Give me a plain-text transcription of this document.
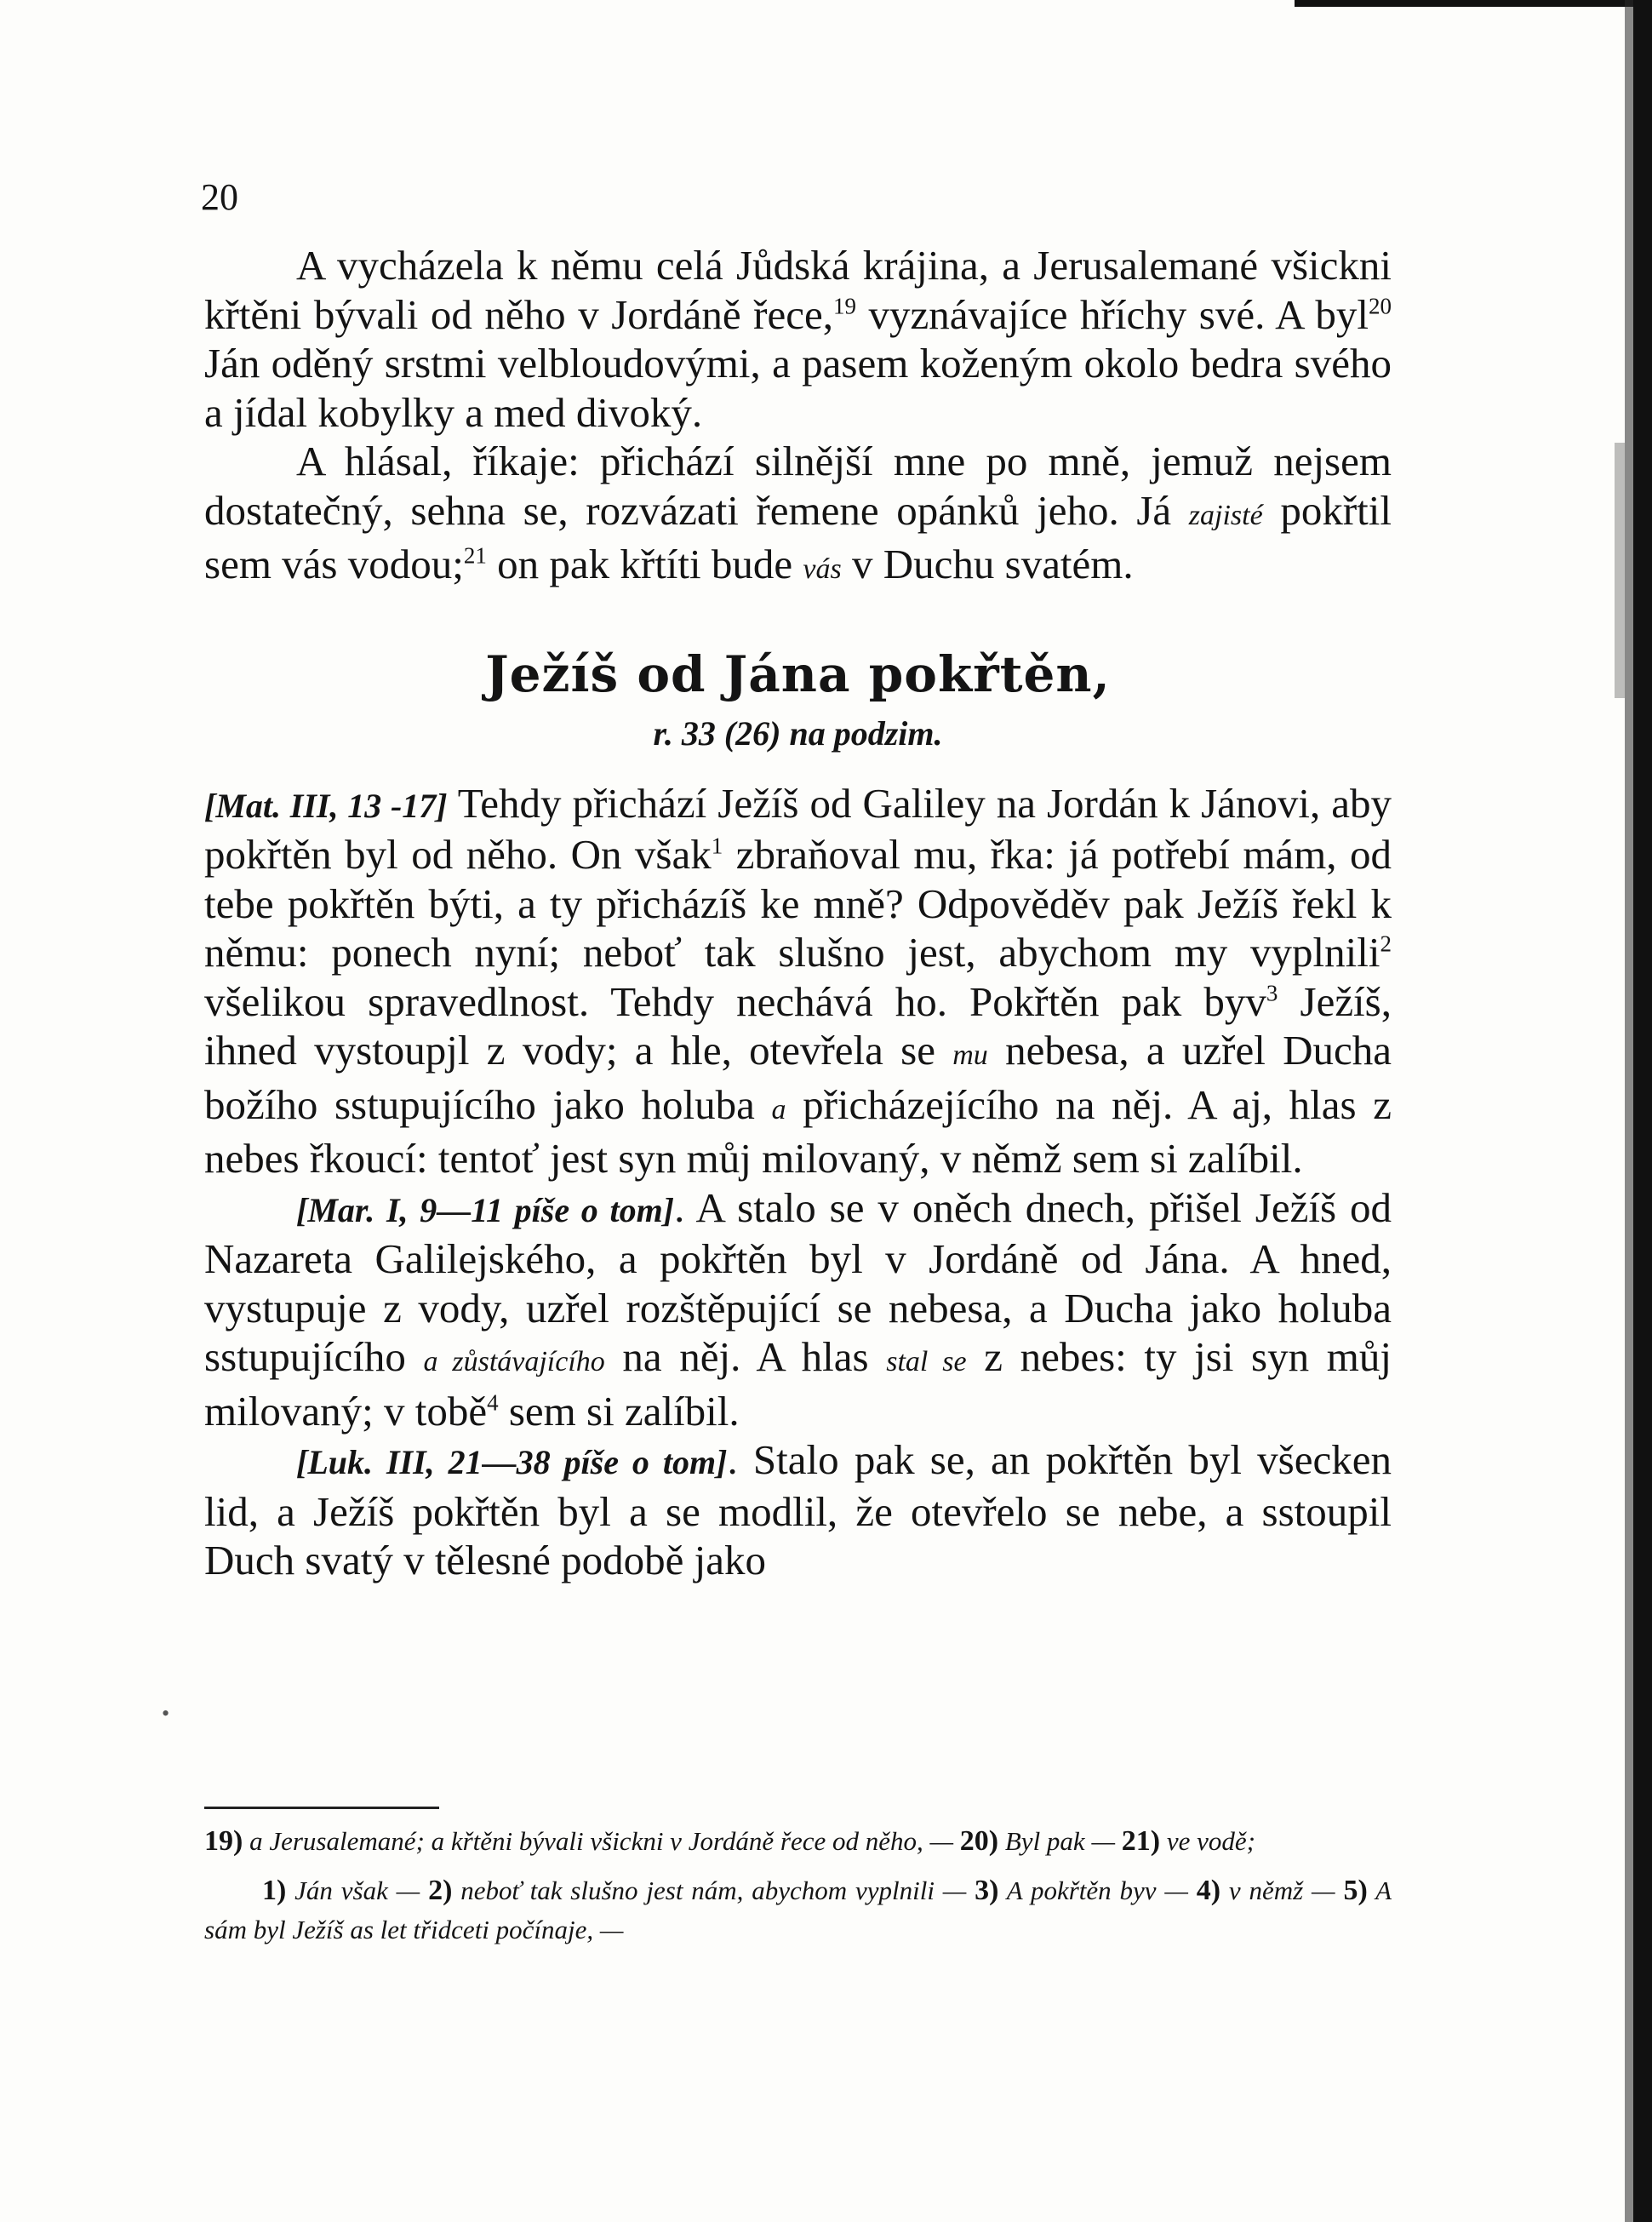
20

A vycházela k němu celá Jůdská krájina, a Jerusalemané všickni křtěni bývali od něho v Jordáně řece,$^{19}$ vyznávajíce hříchy své. A byl$^{20}$ Ján oděný srstmi velbloudovými, a pasem koženým okolo bedra svého a jídal kobylky a med divoký.

A hlásal, říkaje: přichází silnější mne po mně, jemuž nejsem dostatečný, sehna se, rozvázati řemene opánků jeho. Já zajisté pokřtil sem vás vodou;$^{21}$ on pak křtíti bude vás v Duchu svatém.

Ježíš od Jána pokřtěn,
r. 33 (26) na podzim.

[Mat. III, 13 -17] Tehdy přichází Ježíš od Galiley na Jordán k Jánovi, aby pokřtěn byl od něho. On však$^1$ zbraňoval mu, řka: já potřebí mám, od tebe pokřtěn býti, a ty přicházíš ke mně? Odpověděv pak Ježíš řekl k němu: ponech nyní; neboť tak slušno jest, abychom my vyplnili$^2$ všelikou spravedlnost. Tehdy nechává ho. Pokřtěn pak byv$^3$ Ježíš, ihned vystoupjl z vody; a hle, otevřela se mu nebesa, a uzřel Ducha božího sstupujícího jako holuba a přicházejícího na něj. A aj, hlas z nebes řkoucí: tentoť jest syn můj milovaný, v němž sem si zalíbil.

[Mar. I, 9—11 píše o tom]. A stalo se v oněch dnech, přišel Ježíš od Nazareta Galilejského, a pokřtěn byl v Jordáně od Jána. A hned, vystupuje z vody, uzřel rozštěpující se nebesa, a Ducha jako holuba sstupujícího a zůstávajícího na něj. A hlas stal se z nebes: ty jsi syn můj milovaný; v tobě$^4$ sem si zalíbil.

[Luk. III, 21—38 píše o tom]. Stalo pak se, an pokřtěn byl všecken lid, a Ježíš pokřtěn byl a se modlil, že otevřelo se nebe, a sstoupil Duch svatý v tělesné podobě jako

•

19) a Jerusalemané; a křtěni bývali všickni v Jordáně řece od něho, — 20) Byl pak — 21) ve vodě;

1) Ján však — 2) neboť tak slušno jest nám, abychom vyplnili — 3) A pokřtěn byv — 4) v němž — 5) A sám byl Ježíš as let třidceti počínaje, —
